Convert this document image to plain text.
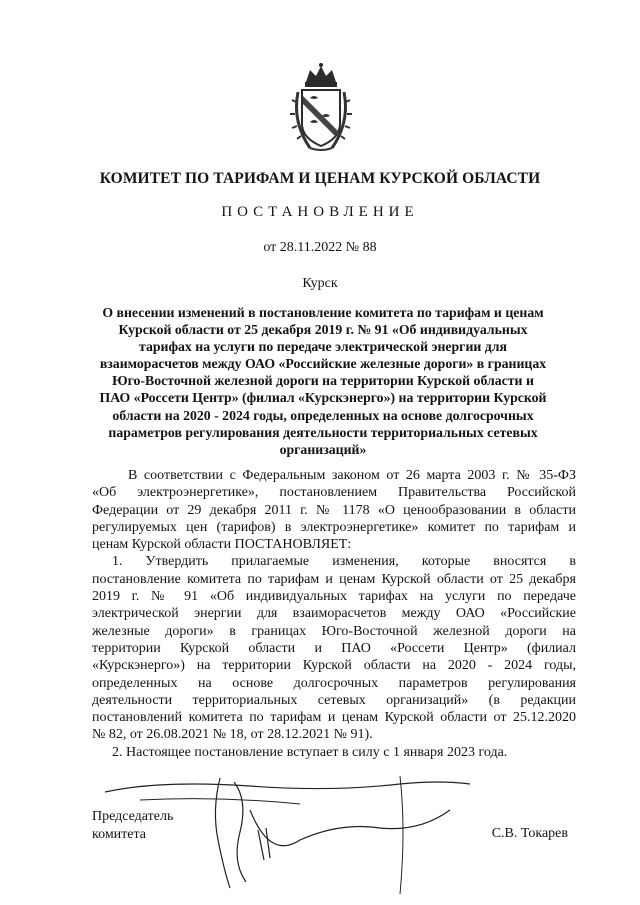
КОМИТЕТ ПО ТАРИФАМ И ЦЕНАМ КУРСКОЙ ОБЛАСТИ
ПОСТАНОВЛЕНИЕ
от 28.11.2022 № 88
Курск
О внесении изменений в постановление комитета по тарифам и ценам
Курской области от 25 декабря 2019 г. № 91 «Об индивидуальных
тарифах на услуги по передаче электрической энергии для
взаиморасчетов между ОАО «Российские железные дороги» в границах
Юго-Восточной железной дороги на территории Курской области и
ПАО «Россети Центр» (филиал «Курскэнерго») на территории Курской
области на 2020 - 2024 годы, определенных на основе долгосрочных
параметров регулирования деятельности территориальных сетевых
организаций»
В соответствии с Федеральным законом от 26 марта 2003 г. № 35-ФЗ
«Об электроэнергетике», постановлением Правительства Российской
Федерации от 29 декабря 2011 г. № 1178 «О ценообразовании в области
регулируемых цен (тарифов) в электроэнергетике» комитет по тарифам и
ценам Курской области ПОСТАНОВЛЯЕТ:
1. Утвердить прилагаемые изменения, которые вносятся в
постановление комитета по тарифам и ценам Курской области от 25 декабря
2019 г. № 91 «Об индивидуальных тарифах на услуги по передаче
электрической энергии для взаиморасчетов между ОАО «Российские
железные дороги» в границах Юго-Восточной железной дороги на
территории Курской области и ПАО «Россети Центр» (филиал
«Курскэнерго») на территории Курской области на 2020 - 2024 годы,
определенных на основе долгосрочных параметров регулирования
деятельности территориальных сетевых организаций» (в редакции
постановлений комитета по тарифам и ценам Курской области от 25.12.2020
№ 82, от 26.08.2021 № 18, от 28.12.2021 № 91).
2. Настоящее постановление вступает в силу с 1 января 2023 года.
Председатель
комитета	С.В. Токарев
